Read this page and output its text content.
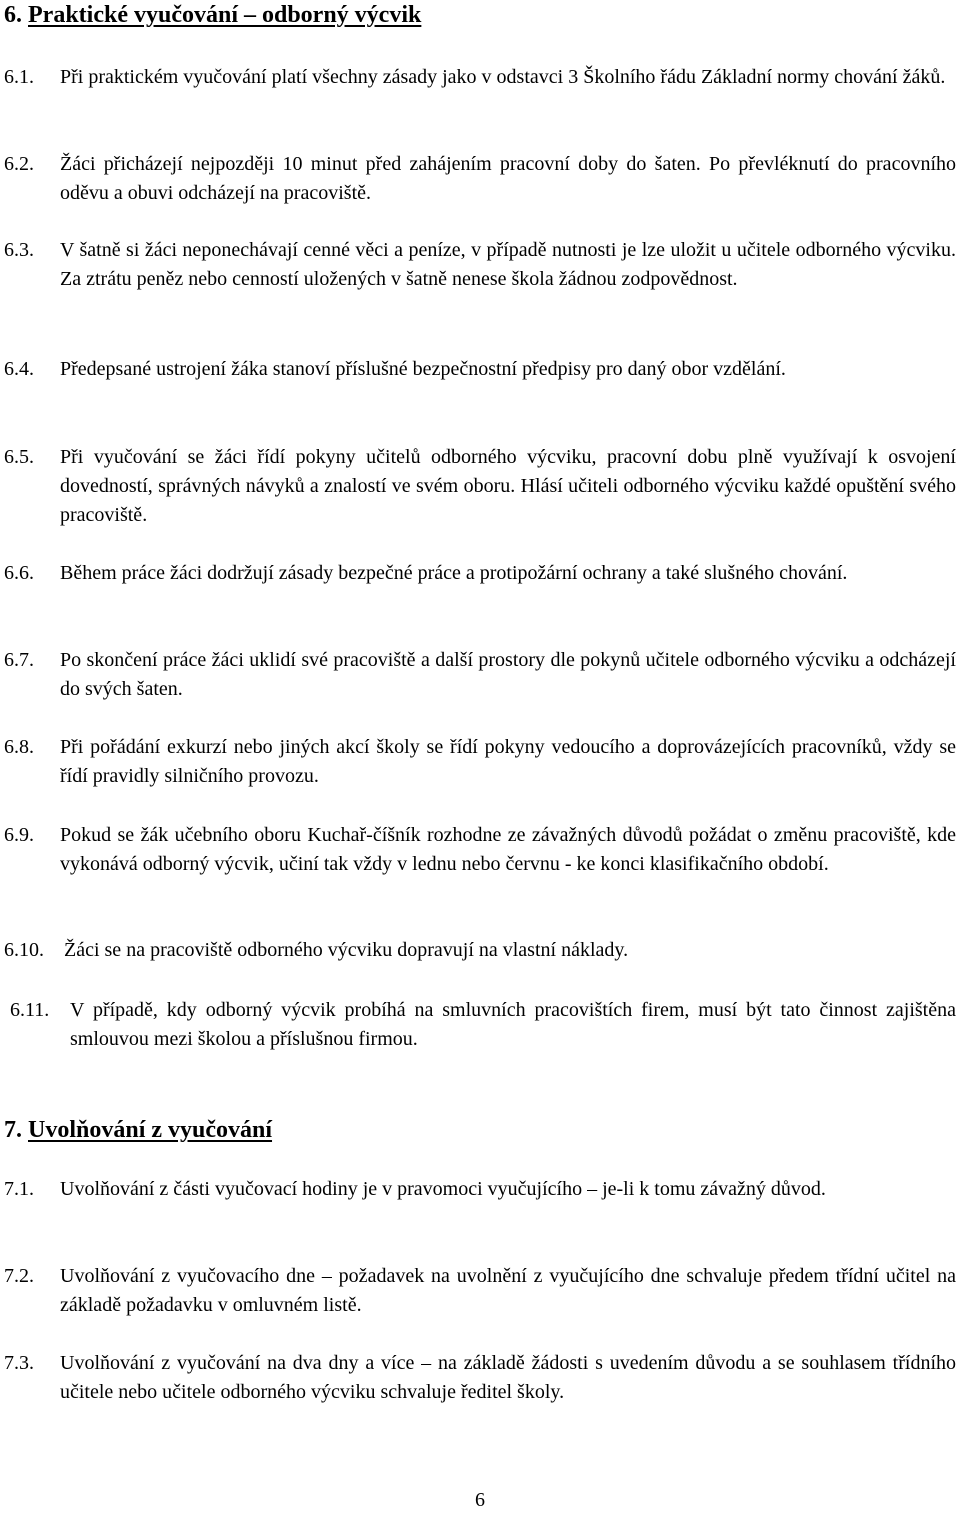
6. Praktické vyučování – odborný výcvik
6.1. Při praktickém vyučování platí všechny zásady jako v odstavci 3 Školního řádu Základní normy chování žáků.
6.2. Žáci přicházejí nejpozději 10 minut před zahájením pracovní doby do šaten. Po převléknutí do pracovního oděvu a obuvi odcházejí na pracoviště.
6.3. V šatně si žáci neponechávají cenné věci a peníze, v případě nutnosti je lze uložit u učitele odborného výcviku. Za ztrátu peněz nebo cenností uložených v šatně nenese škola žádnou zodpovědnost.
6.4. Předepsané ustrojení žáka stanoví příslušné bezpečnostní předpisy pro daný obor vzdělání.
6.5. Při vyučování se žáci řídí pokyny učitelů odborného výcviku, pracovní dobu plně využívají k osvojení dovedností, správných návyků a znalostí ve svém oboru. Hlásí učiteli odborného výcviku každé opuštění svého pracoviště.
6.6. Během práce žáci dodržují zásady bezpečné práce a protipožární ochrany a také slušného chování.
6.7. Po skončení práce žáci uklidí své pracoviště a další prostory dle pokynů učitele odborného výcviku a odcházejí do svých šaten.
6.8. Při pořádání exkurzí nebo jiných akcí školy se řídí pokyny vedoucího a doprovázejících pracovníků, vždy se řídí pravidly silničního provozu.
6.9. Pokud se žák učebního oboru Kuchař-číšník rozhodne ze závažných důvodů požádat o změnu pracoviště, kde vykonává odborný výcvik, učiní tak vždy v lednu nebo červnu - ke konci klasifikačního období.
6.10. Žáci se na pracoviště odborného výcviku dopravují na vlastní náklady.
6.11. V případě, kdy odborný výcvik probíhá na smluvních pracovištích firem, musí být tato činnost zajištěna smlouvou mezi školou a příslušnou firmou.
7. Uvolňování z vyučování
7.1. Uvolňování z části vyučovací hodiny je v pravomoci vyučujícího – je-li k tomu závažný důvod.
7.2. Uvolňování z vyučovacího dne – požadavek na uvolnění z vyučujícího dne schvaluje předem třídní učitel na základě požadavku v omluvném listě.
7.3. Uvolňování z vyučování na dva dny a více – na základě žádosti s uvedením důvodu a se souhlasem třídního učitele nebo učitele odborného výcviku schvaluje ředitel školy.
6
